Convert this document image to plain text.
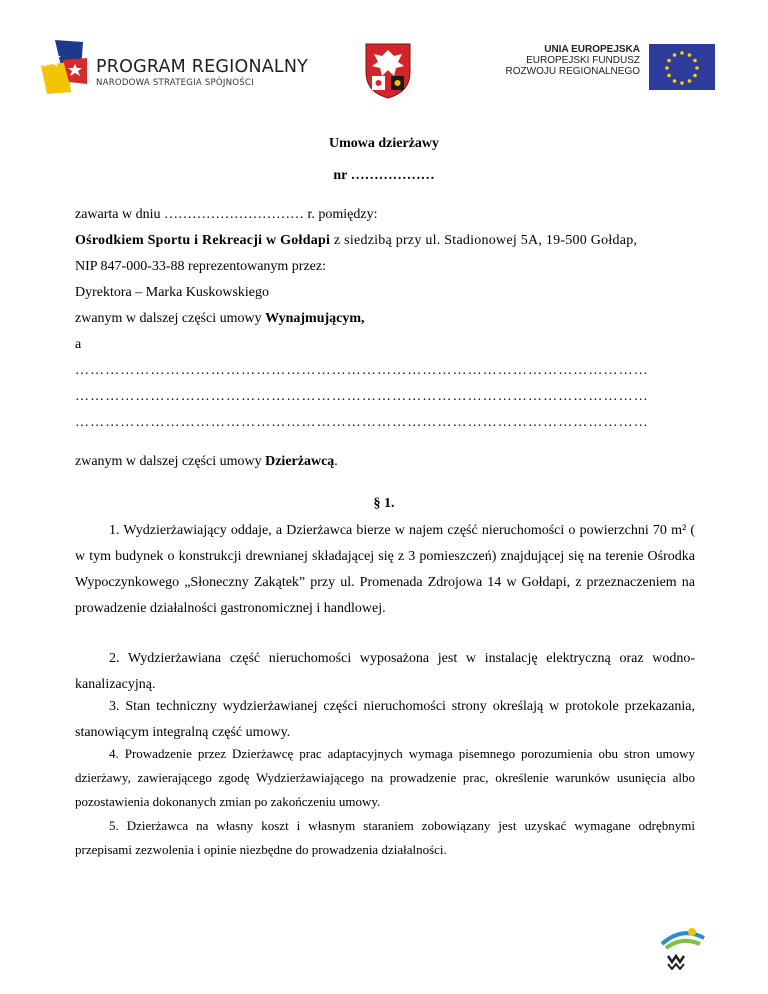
PROGRAM REGIONALNY
NARODOWA STRATEGIA SPÓJNOŚCI
UNIA EUROPEJSKA
EUROPEJSKI FUNDUSZ
ROZWOJU REGIONALNEGO
Umowa dzierżawy
nr ………………
zawarta w dniu ………………………… r. pomiędzy:
Ośrodkiem Sportu i Rekreacji w Gołdapi z siedzibą przy ul. Stadionowej 5A, 19-500 Gołdap,
NIP 847-000-33-88 reprezentowanym przez:
Dyrektora – Marka Kuskowskiego
zwanym w dalszej części umowy Wynajmującym,
a
……………………………………………………………………………………………………
……………………………………………………………………………………………………
……………………………………………………………………………………………………
zwanym w dalszej części umowy Dzierżawcą.
§ 1.
1. Wydzierżawiający oddaje, a Dzierżawca bierze w najem część nieruchomości o powierzchni 70 m² ( w tym budynek o konstrukcji drewnianej składającej się z 3 pomieszczeń) znajdującej się na terenie Ośrodka Wypoczynkowego „Słoneczny Zakątek” przy ul. Promenada Zdrojowa 14 w Gołdapi, z przeznaczeniem na prowadzenie działalności gastronomicznej i handlowej.
2. Wydzierżawiana część nieruchomości wyposażona jest w instalację elektryczną oraz wodno-kanalizacyjną.
3. Stan techniczny wydzierżawianej części nieruchomości strony określają w protokole przekazania, stanowiącym integralną część umowy.
4. Prowadzenie przez Dzierżawcę prac adaptacyjnych wymaga pisemnego porozumienia obu stron umowy dzierżawy, zawierającego zgodę Wydzierżawiającego na prowadzenie prac, określenie warunków usunięcia albo pozostawienia dokonanych zmian po zakończeniu umowy.
5. Dzierżawca na własny koszt i własnym staraniem zobowiązany jest uzyskać wymagane odrębnymi przepisami zezwolenia i opinie niezbędne do prowadzenia działalności.
